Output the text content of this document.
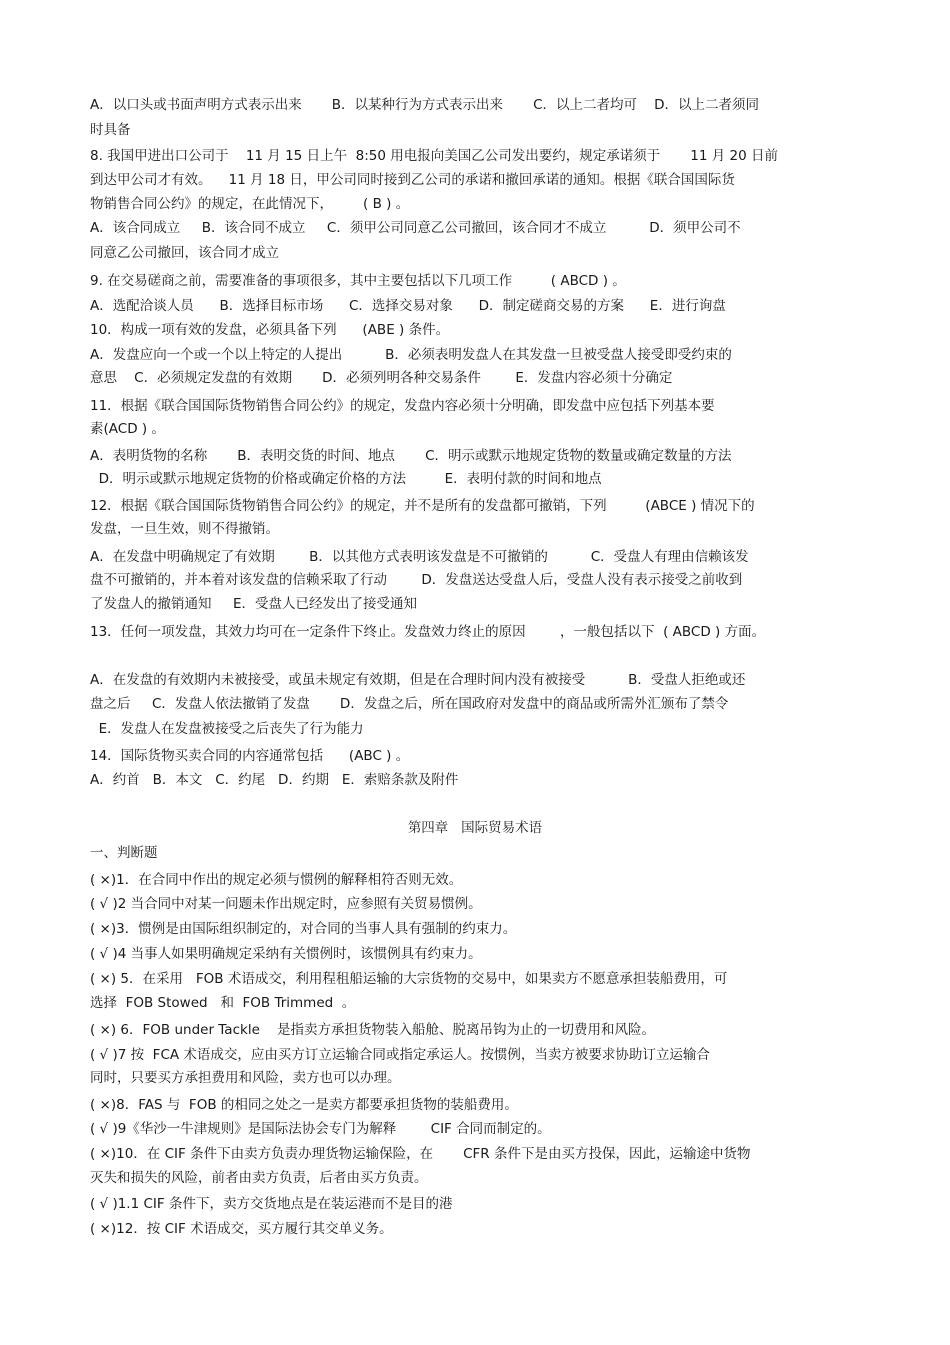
A．以口头或书面声明方式表示出来       B．以某种行为方式表示出来       C．以上二者均可    D．以上二者须同
时具备
8. 我国甲进出口公司于    11 月 15 日上午  8:50 用电报向美国乙公司发出要约，规定承诺须于       11 月 20 日前
到达甲公司才有效。    11 月 18 日，甲公司同时接到乙公司的承诺和撤回承诺的通知。根据《联合国国际货
物销售合同公约》的规定，在此情况下，       ( B ) 。
A．该合同成立     B．该合同不成立     C．须甲公司同意乙公司撤回，该合同才不成立          D．须甲公司不
同意乙公司撤回，该合同才成立
9. 在交易磋商之前，需要准备的事项很多，其中主要包括以下几项工作         ( ABCD ) 。
A．选配洽谈人员      B．选择目标市场      C．选择交易对象      D．制定磋商交易的方案      E．进行询盘
10．构成一项有效的发盘，必须具备下列      (ABE ) 条件。
A．发盘应向一个或一个以上特定的人提出          B．必须表明发盘人在其发盘一旦被受盘人接受即受约束的
意思    C．必须规定发盘的有效期       D．必须列明各种交易条件        E．发盘内容必须十分确定
11．根据《联合国国际货物销售合同公约》的规定，发盘内容必须十分明确，即发盘中应包括下列基本要
素(ACD ) 。
A．表明货物的名称       B．表明交货的时间、地点       C．明示或默示地规定货物的数量或确定数量的方法
D．明示或默示地规定货物的价格或确定价格的方法         E．表明付款的时间和地点
12．根据《联合国国际货物销售合同公约》的规定，并不是所有的发盘都可撤销，下列         (ABCE ) 情况下的
发盘，一旦生效，则不得撤销。
A．在发盘中明确规定了有效期        B．以其他方式表明该发盘是不可撤销的          C．受盘人有理由信赖该发
盘不可撤销的，并本着对该发盘的信赖采取了行动        D．发盘送达受盘人后，受盘人没有表示接受之前收到
了发盘人的撤销通知     E．受盘人已经发出了接受通知
13．任何一项发盘，其效力均可在一定条件下终止。发盘效力终止的原因        ，一般包括以下  ( ABCD ) 方面。
A．在发盘的有效期内未被接受，或虽未规定有效期，但是在合理时间内没有被接受          B．受盘人拒绝或还
盘之后     C．发盘人依法撤销了发盘       D．发盘之后，所在国政府对发盘中的商品或所需外汇颁布了禁令
E．发盘人在发盘被接受之后丧失了行为能力
14．国际货物买卖合同的内容通常包括      (ABC ) 。
A．约首   B．本文   C．约尾   D．约期   E．索赔条款及附件
第四章   国际贸易术语
一、判断题
( ×)1．在合同中作出的规定必须与惯例的解释相符否则无效。
( √ )2 当合同中对某一问题未作出规定时，应参照有关贸易惯例。
( ×)3．惯例是由国际组织制定的，对合同的当事人具有强制的约束力。
( √ )4 当事人如果明确规定采纳有关惯例时，该惯例具有约束力。
( ×) 5．在采用   FOB 术语成交，利用程租船运输的大宗货物的交易中，如果卖方不愿意承担装船费用，可
选择  FOB Stowed   和  FOB Trimmed  。
( ×) 6．FOB under Tackle    是指卖方承担货物装入船舱、脱离吊钩为止的一切费用和风险。
( √ )7 按  FCA 术语成交，应由买方订立运输合同或指定承运人。按惯例，当卖方被要求协助订立运输合
同时，只要买方承担费用和风险，卖方也可以办理。
( ×)8．FAS 与  FOB 的相同之处之一是卖方都要承担货物的装船费用。
( √ )9《华沙一牛津规则》是国际法协会专门为解释        CIF 合同而制定的。
( ×)10．在 CIF 条件下由卖方负责办理货物运输保险，在       CFR 条件下是由买方投保，因此，运输途中货物
灭失和损失的风险，前者由卖方负责，后者由买方负责。
( √ )1.1 CIF 条件下，卖方交货地点是在装运港而不是目的港
( ×)12．按 CIF 术语成交，买方履行其交单义务。
